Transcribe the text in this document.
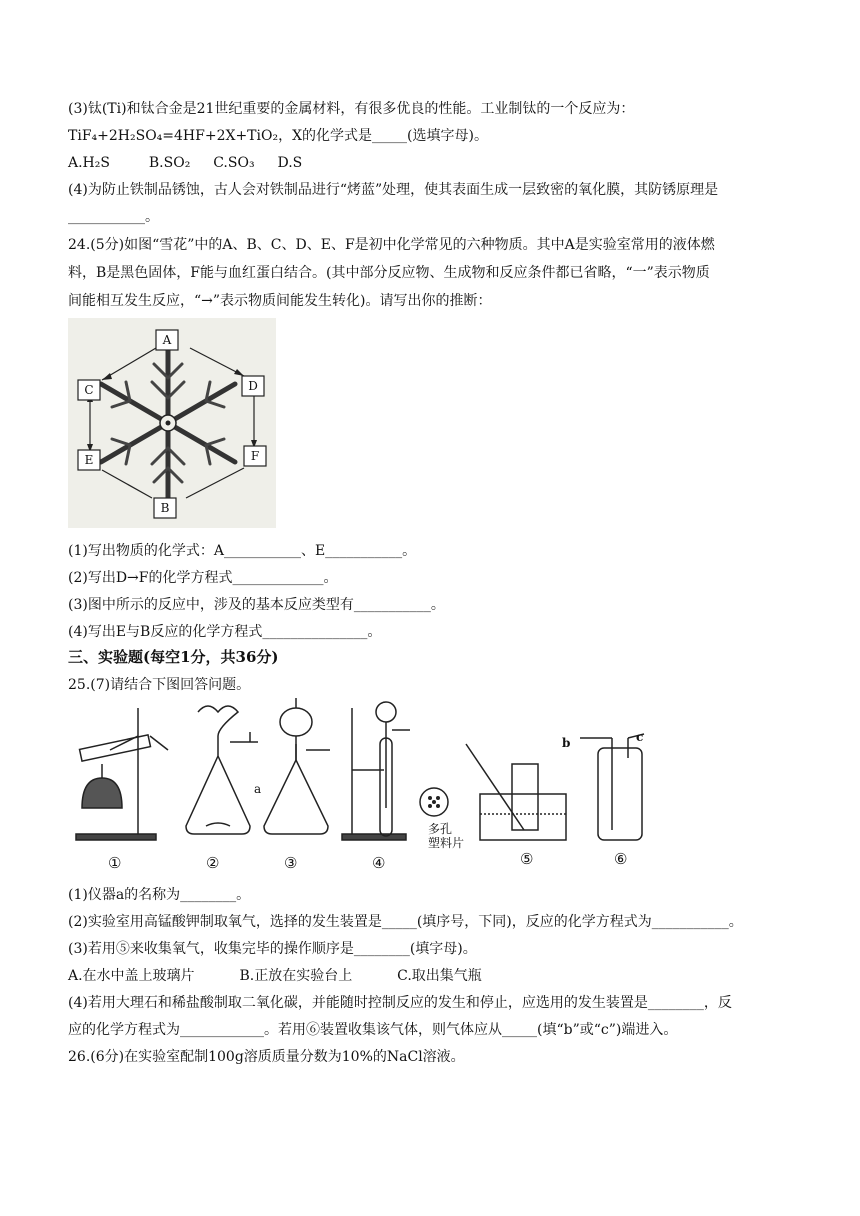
(3)钛(Ti)和钛合金是21世纪重要的金属材料，有很多优良的性能。工业制钛的一个反应为：
TiF₄+2H₂SO₄=4HF+2X+TiO₂，X的化学式是_____(选填字母)。
A.H₂S	B.SO₂ C.SO₃ D.S
(4)为防止铁制品锈蚀，古人会对铁制品进行“烤蓝”处理，使其表面生成一层致密的氧化膜，其防锈原理是
___________。
24.(5分)如图“雪花”中的A、B、C、D、E、F是初中化学常见的六种物质。其中A是实验室常用的液体燃
料，B是黑色固体，F能与血红蛋白结合。(其中部分反应物、生成物和反应条件都已省略，“一”表示物质
间能相互发生反应，“→”表示物质间能发生转化)。请写出你的推断：
A
B
C	D
E	F
(1)写出物质的化学式：A___________、E___________。
(2)写出D→F的化学方程式_____________。
(3)图中所示的反应中，涉及的基本反应类型有___________。
(4)写出E与B反应的化学方程式_______________。
三、实验题(每空1分，共36分)
25.(7)请结合下图回答问题。
①	②	③	④	⑤	⑥
a
b	c
多孔
塑料片
(1)仪器a的名称为________。
(2)实验室用高锰酸钾制取氧气，选择的发生装置是_____(填序号，下同)，反应的化学方程式为___________。
(3)若用⑤来收集氧气，收集完毕的操作顺序是________(填字母)。
A.在水中盖上玻璃片	B.正放在实验台上	C.取出集气瓶
(4)若用大理石和稀盐酸制取二氧化碳，并能随时控制反应的发生和停止，应选用的发生装置是________，反
应的化学方程式为____________。若用⑥装置收集该气体，则气体应从_____(填“b”或“c”)端进入。
26.(6分)在实验室配制100g溶质质量分数为10%的NaCl溶液。
